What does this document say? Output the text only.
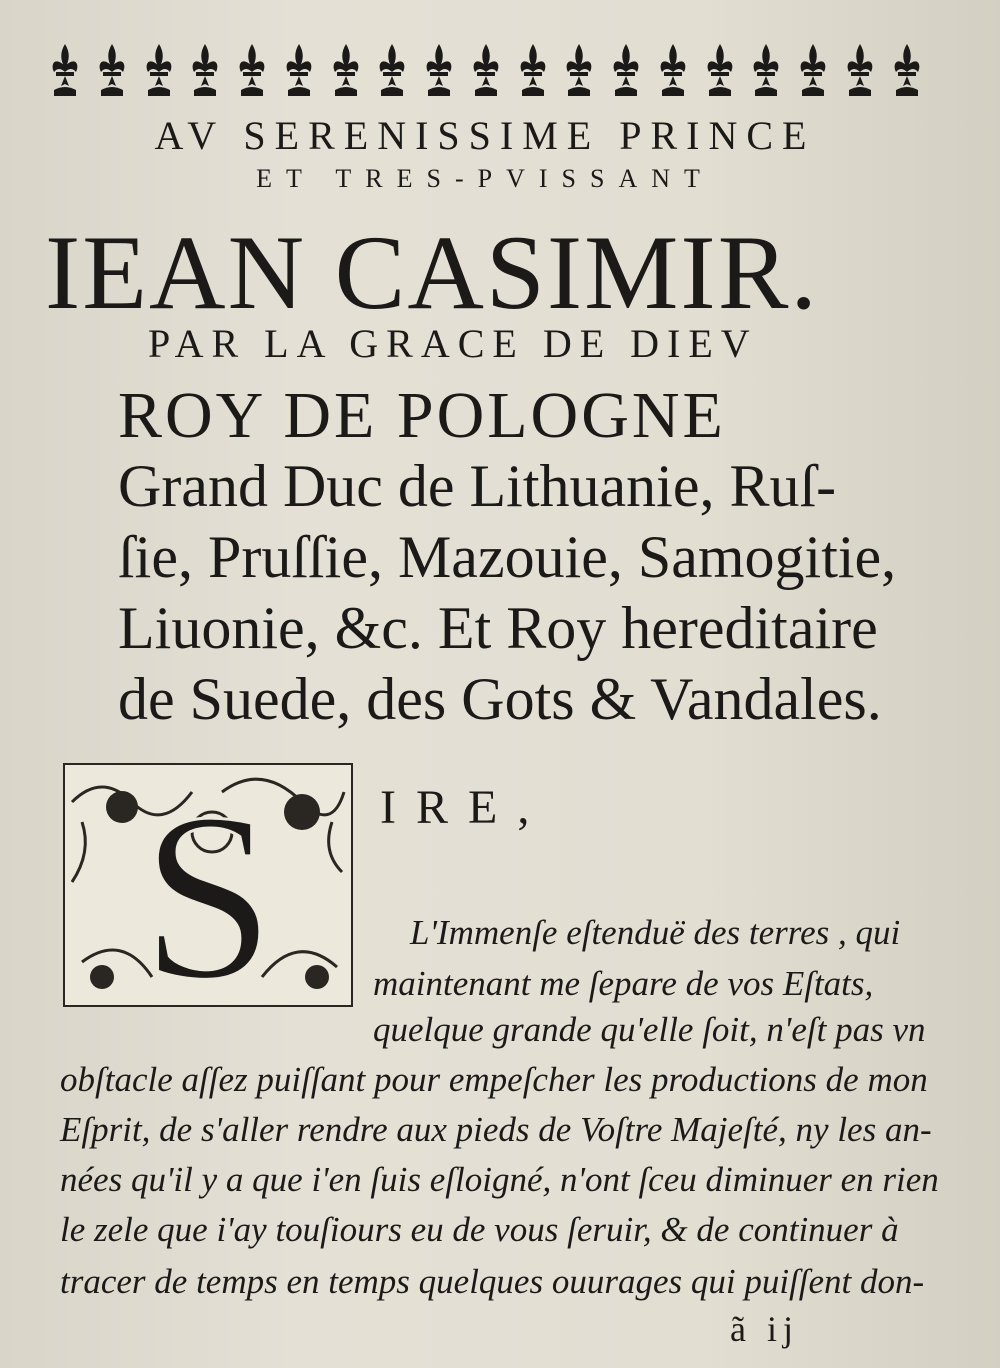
AV SERENISSIME PRINCE
ET TRES-PVISSANT
IEAN CASIMIR.
PAR LA GRACE DE DIEV
ROY DE POLOGNE
Grand Duc de Lithuanie, Ruſ-
ſie, Pruſſie, Mazouie, Samogitie,
Liuonie, &c. Et Roy hereditaire
de Suede, des Gots & Vandales.
S IRE,
L'Immenſe eſtenduë des terres , qui
maintenant me ſepare de vos Eſtats,
quelque grande qu'elle ſoit, n'eſt pas vn
obſtacle aſſez puiſſant pour empeſcher les productions de mon
Eſprit, de s'aller rendre aux pieds de Voſtre Majeſté, ny les an-
nées qu'il y a que i'en ſuis eſloigné, n'ont ſceu diminuer en rien
le zele que i'ay touſiours eu de vous ſeruir, & de continuer à
tracer de temps en temps quelques ouurages qui puiſſent don-
ã ij
